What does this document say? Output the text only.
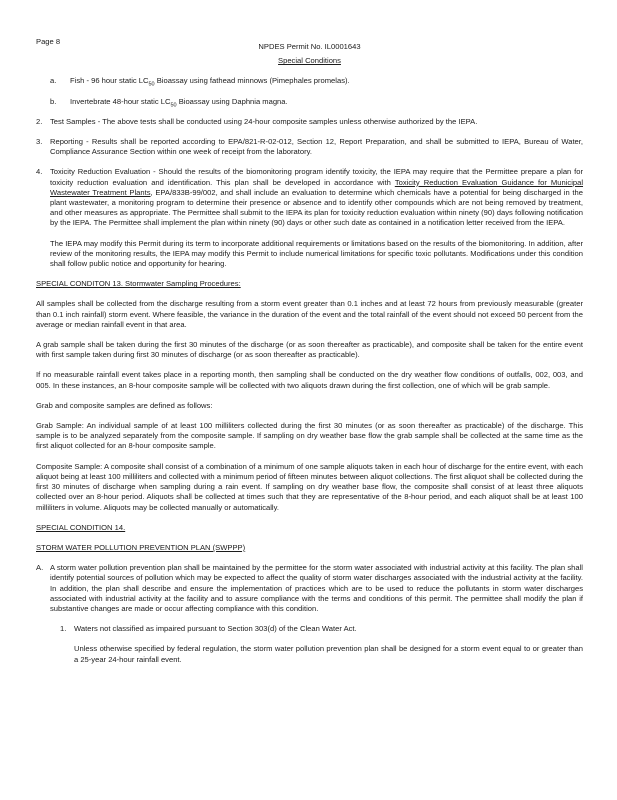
Page 8
NPDES Permit No. IL0001643
Special Conditions

a. Fish - 96 hour static $LC_{50}$ Bioassay using fathead minnows (Pimephales promelas).

b. Invertebrate 48-hour static $LC_{50}$ Bioassay using Daphnia magna.

2. Test Samples - The above tests shall be conducted using 24-hour composite samples unless otherwise authorized by the IEPA.

3. Reporting - Results shall be reported according to EPA/821-R-02-012, Section 12, Report Preparation, and shall be submitted to IEPA, Bureau of Water, Compliance Assurance Section within one week of receipt from the laboratory.

4. Toxicity Reduction Evaluation - Should the results of the biomonitoring program identify toxicity, the IEPA may require that the Permittee prepare a plan for toxicity reduction evaluation and identification. This plan shall be developed in accordance with Toxicity Reduction Evaluation Guidance for Municipal Wastewater Treatment Plants, EPA/833B-99/002, and shall include an evaluation to determine which chemicals have a potential for being discharged in the plant wastewater, a monitoring program to determine their presence or absence and to identify other compounds which are not being removed by treatment, and other measures as appropriate. The Permittee shall submit to the IEPA its plan for toxicity reduction evaluation within ninety (90) days following notification by the IEPA. The Permittee shall implement the plan within ninety (90) days or other such date as contained in a notification letter received from the IEPA.

The IEPA may modify this Permit during its term to incorporate additional requirements or limitations based on the results of the biomonitoring. In addition, after review of the monitoring results, the IEPA may modify this Permit to include numerical limitations for specific toxic pollutants. Modifications under this condition shall follow public notice and opportunity for hearing.

SPECIAL CONDITON 13. Stormwater Sampling Procedures:

All samples shall be collected from the discharge resulting from a storm event greater than 0.1 inches and at least 72 hours from previously measurable (greater than 0.1 inch rainfall) storm event. Where feasible, the variance in the duration of the event and the total rainfall of the event should not exceed 50 percent from the average or median rainfall event in that area.

A grab sample shall be taken during the first 30 minutes of the discharge (or as soon thereafter as practicable), and composite shall be taken for the entire event with first sample taken during first 30 minutes of discharge (or as soon thereafter as practicable).

If no measurable rainfall event takes place in a reporting month, then sampling shall be conducted on the dry weather flow conditions of outfalls, 002, 003, and 005. In these instances, an 8-hour composite sample will be collected with two aliquots drawn during the first collection, one of which will be grab sample.

Grab and composite samples are defined as follows:

Grab Sample: An individual sample of at least 100 milliliters collected during the first 30 minutes (or as soon thereafter as practicable) of the discharge. This sample is to be analyzed separately from the composite sample. If sampling on dry weather base flow the grab sample shall be collected at the same time as the first aliquot collected for an 8-hour composite sample.

Composite Sample: A composite shall consist of a combination of a minimum of one sample aliquots taken in each hour of discharge for the entire event, with each aliquot being at least 100 milliliters and collected with a minimum period of fifteen minutes between aliquot collections. The first aliquot shall be collected during the first 30 minutes of discharge when sampling during a rain event. If sampling on dry weather base flow, the composite shall consist of at least three aliquots collected over an 8-hour period. Aliquots shall be collected at times such that they are representative of the 8-hour period, and each aliquot shall be at least 100 milliliters in volume. Aliquots may be collected manually or automatically.

SPECIAL CONDITION 14.

STORM WATER POLLUTION PREVENTION PLAN (SWPPP)

A. A storm water pollution prevention plan shall be maintained by the permittee for the storm water associated with industrial activity at this facility. The plan shall identify potential sources of pollution which may be expected to affect the quality of storm water discharges associated with the industrial activity at the facility. In addition, the plan shall describe and ensure the implementation of practices which are to be used to reduce the pollutants in storm water discharges associated with industrial activity at the facility and to assure compliance with the terms and conditions of this permit. The permittee shall modify the plan if substantive changes are made or occur affecting compliance with this condition.

1. Waters not classified as impaired pursuant to Section 303(d) of the Clean Water Act.

Unless otherwise specified by federal regulation, the storm water pollution prevention plan shall be designed for a storm event equal to or greater than a 25-year 24-hour rainfall event.
